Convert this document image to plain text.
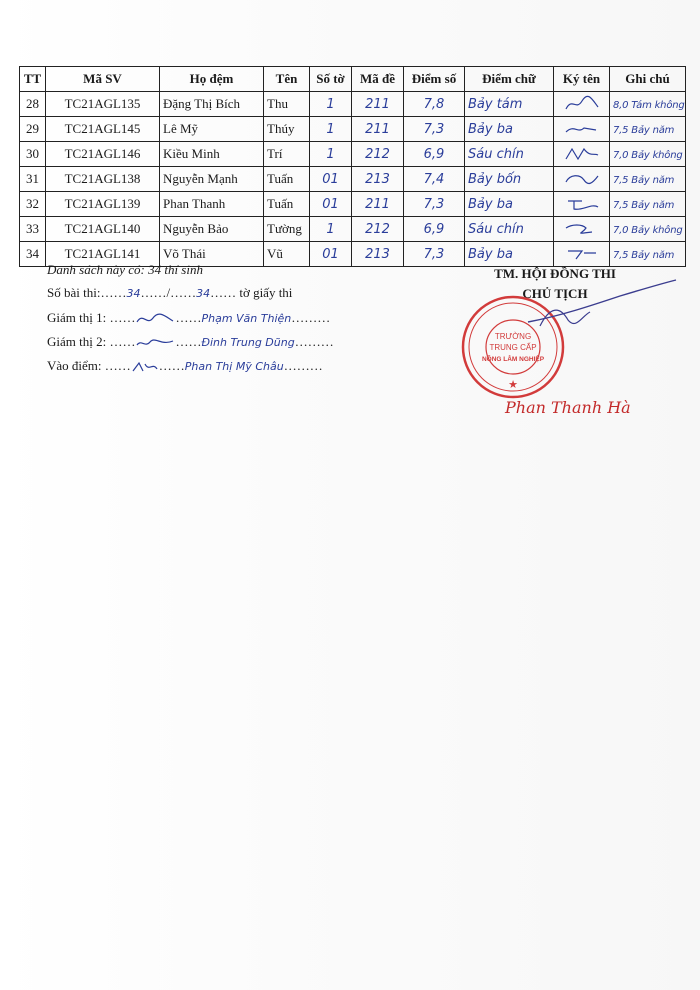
TT	Mã SV	Họ đệm	Tên	Số tờ	Mã đề	Điểm số	Điểm chữ	Ký tên	Ghi chú
28	TC21AGL135	Đặng Thị Bích	Thu	1	211	7,8	Bảy tám		8,0 Tám không
29	TC21AGL145	Lê Mỹ	Thúy	1	211	7,3	Bảy ba		7,5 Bảy năm
30	TC21AGL146	Kiều Minh	Trí	1	212	6,9	Sáu chín		7,0 Bảy không
31	TC21AGL138	Nguyễn Mạnh	Tuấn	01	213	7,4	Bảy bốn		7,5 Bảy năm
32	TC21AGL139	Phan Thanh	Tuấn	01	211	7,3	Bảy ba		7,5 Bảy năm
33	TC21AGL140	Nguyễn Bảo	Tường	1	212	6,9	Sáu chín		7,0 Bảy không
34	TC21AGL141	Võ Thái	Vũ	01	213	7,3	Bảy ba		7,5 Bảy năm
Danh sách này có: 34 thí sinh
Số bài thi:……34……/……34…… tờ giấy thi
Giám thị 1: ……	……Phạm Văn Thiện………
Giám thị 2: ……	……Đinh Trung Dũng………
Vào điểm: …… ……Phan Thị Mỹ Châu………
TM. HỘI ĐỒNG THI
CHỦ TỊCH
TRƯỜNG
TRUNG CẤP
NÔNG LÂM NGHIỆP
★
Phan Thanh Hà
